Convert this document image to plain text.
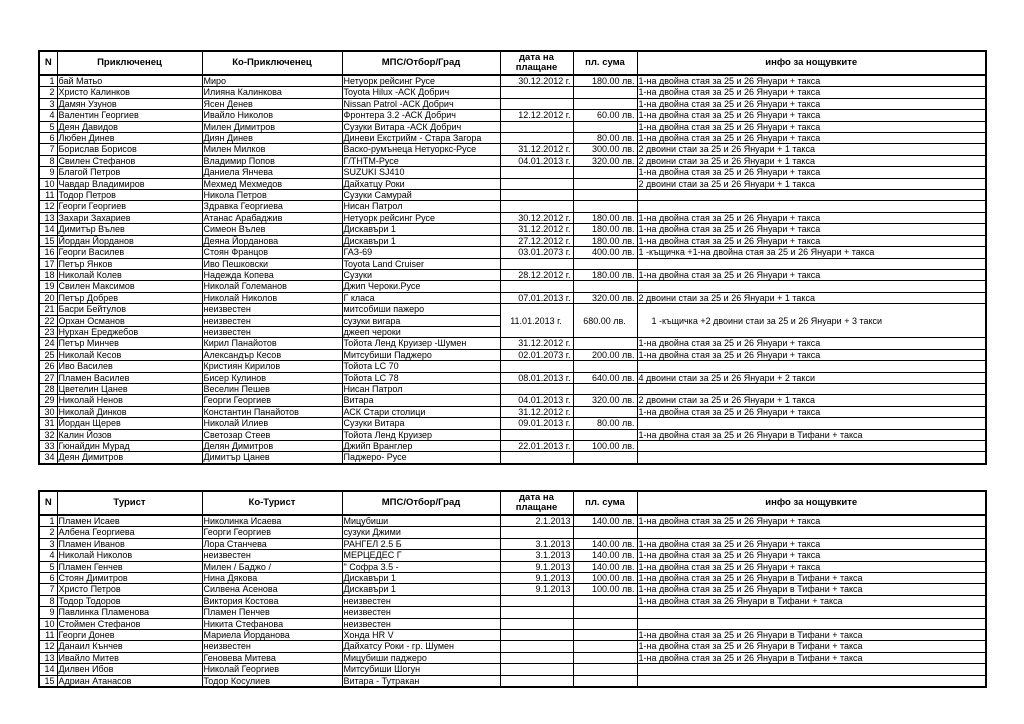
N	Приключенец	Ко-Приключенец	МПС/Отбор/Град	дата на плащане	пл. сума	инфо за нощувките
1	бай Матьо	Миро	Нетуорк рейсинг Русе	30.12.2012 г.	180.00 лв.	1-на двойна стая за 25 и 26 Януари + такса
2	Христо Калинков	Илияна Калинкова	Toyota Hilux -АСК Добрич			1-на двойна стая за 25 и 26 Януари + такса
3	Дамян Узунов	Ясен Денев	Nissan Patrol -АСК Добрич			1-на двойна стая за 25 и 26 Януари + такса
4	Валентин Георгиев	Ивайло Николов	Фронтера 3.2 -АСК Добрич	12.12.2012 г.	60.00 лв.	1-на двойна стая за 25 и 26 Януари + такса
5	Деян Давидов	Милен Димитров	Сузуки Витара -АСК Добрич			1-на двойна стая за 25 и 26 Януари + такса
6	Любен Динев	Диян Динев	Диневи Екстрийм - Стара Загора		80.00 лв.	1-на двойна стая за 25 и 26 Януари + такса
7	Борислав Борисов	Милен Милков	Васко-румънеца Нетуоркс-Русе	31.12.2012 г.	300.00 лв.	2 двоини стаи за 25 и 26 Януари + 1 такса
8	Свилен Стефанов	Владимир Попов	Г/ТНТМ-Русе	04.01.2013 г.	320.00 лв.	2 двоини стаи за 25 и 26 Януари + 1 такса
9	Благой Петров	Даниела Янчева	SUZUKI SJ410			1-на двойна стая за 25 и 26 Януари + такса
10	Чавдар Владимиров	Мехмед Мехмедов	Дайхатцу Роки			2 двоини стаи за 25 и 26 Януари + 1 такса
11	Тодор Петров	Никола Петров	Сузуки Самурай			
12	Георги Георгиев	Здравка Георгиева	Нисан Патрол			
13	Захари Захариев	Атанас Арабаджив	Нетуорк рейсинг Русе	30.12.2012 г.	180.00 лв.	1-на двойна стая за 25 и 26 Януари + такса
14	Димитър Вълев	Симеон Вълев	Дискавъри 1	31.12.2012 г.	180.00 лв.	1-на двойна стая за 25 и 26 Януари + такса
15	Йордан Йорданов	Деяна Йорданова	Дискавъри 1	27.12.2012 г.	180.00 лв.	1-на двойна стая за 25 и 26 Януари + такса
16	Георги Василев	Стоян Францов	ГАЗ-69	03.01.2073 г.	400.00 лв.	1 -къщичка +1-на двойна стая за 25 и 26 Януари + такса
17	Петър Янков	Иво Пешковски	Toyota Land Cruiser			
18	Николай Колев	Надежда Копева	Сузуки	28.12.2012 г.	180.00 лв.	1-на двойна стая за 25 и 26 Януари + такса
19	Свилен Максимов	Николай Големанов	Джип Чероки.Русе			
20	Петър Добрев	Николай Николов	Г класа	07.01.2013 г.	320.00 лв.	2 двоини стаи за 25 и 26 Януари + 1 такса
21	Басри Бейтулов	неизвестен	митсобиши пажеро	11.01.2013 г.	680.00 лв.	1 -къщичка +2 двоини стаи за 25 и 26 Януари + 3 такси
22	Орхан Османов	неизвестен	сузуки вигара			
23	Нурхан Ереджебов	неизвестен	джееп чероки			
24	Петър Минчев	Кирил Панайотов	Тойота Ленд Круизер -Шумен	31.12.2012 г.		1-на двойна стая за 25 и 26 Януари + такса
25	Николай Кесов	Александър Кесов	Митсубиши Паджеро	02.01.2073 г.	200.00 лв.	1-на двойна стая за 25 и 26 Януари + такса
26	Иво Василев	Кристиян Кирилов	Тойота LC 70			
27	Пламен Василев	Бисер Кулинов	Тойота LC 78	08.01.2013 г.	640.00 лв.	4 двоини стаи за 25 и 26 Януари + 2 такси
28	Цветелин Цанев	Веселин Пешев	Нисан Патрол			
29	Николай Ненов	Георги Георгиев	Витара	04.01.2013 г.	320.00 лв.	2 двоини стаи за 25 и 26 Януари + 1 такса
30	Николай Динков	Константин Панайотов	АСК Стари столици	31.12.2012 г.		1-на двойна стая за 25 и 26 Януари + такса
31	Йордан Щерев	Николай Илиев	Сузуки Витара	09.01.2013 г.	80.00 лв.	
32	Калин Йозов	Светозар Стеев	Тойота Ленд Круизер			1-на двойна стая за 25 и 26 Януари в Тифани + такса
33	Гюнайдин Мурад	Делян Димитров	Джийп Вранглер	22.01.2013 г.	100.00 лв.	
34	Деян Димитров	Димитър Цанев	Паджеро- Русе			
N	Турист	Ко-Турист	МПС/Отбор/Град	дата на плащане	пл. сума	инфо за нощувките
1	Пламен Исаев	Николинка Исаева	Мицубиши	2.1.2013	140.00 лв.	1-на двойна стая за 25 и 26 Януари + такса
2	Албена Георгиева	Георги Георгиев	сузуки Джими			
3	Пламен Иванов	Лора Станчева	РАНГЕЛ 2.5 Б	3.1.2013	140.00 лв.	1-на двойна стая за 25 и 26 Януари + такса
4	Николай Николов	неизвестен	МЕРЦЕДЕС Г	3.1.2013	140.00 лв.	1-на двойна стая за 25 и 26 Януари + такса
5	Пламен Генчев	Милен / Баджо /	" Софра 3.5 -	9.1.2013	140.00 лв.	1-на двойна стая за 25 и 26 Януари + такса
6	Стоян Димитров	Нина Дякова	Дискавъри 1	9.1.2013	100.00 лв.	1-на двойна стая за 25 и 26 Януари в Тифани + такса
7	Христо Петров	Силвена Асенова	Дискавъри 1	9.1.2013	100.00 лв.	1-на двойна стая за 25 и 26 Януари в Тифани + такса
8	Тодор Тодоров	Виктория Костова	неизвестен			1-на двойна стая за 26 Януари в Тифани + такса
9	Павлинка Пламенова	Пламен Пенчев	неизвестен			
10	Стоймен Стефанов	Никита Стефанова	неизвестен			
11	Георги Донев	Мариела Йорданова	Хонда HR V			1-на двойна стая за 25 и 26 Януари в Тифани + такса
12	Данаил Кънчев	неизвестен	Дайхатсу Роки - гр. Шумен			1-на двойна стая за 25 и 26 Януари в Тифани + такса
13	Ивайло Митев	Геновева Митева	Мицубиши паджеро			1-на двойна стая за 25 и 26 Януари в Тифани + такса
14	Дилвен Ибов	Николай Георгиев	Митсубиши Шогун			
15	Адриан Атанасов	Тодор Косулиев	Витара - Тутракан			
